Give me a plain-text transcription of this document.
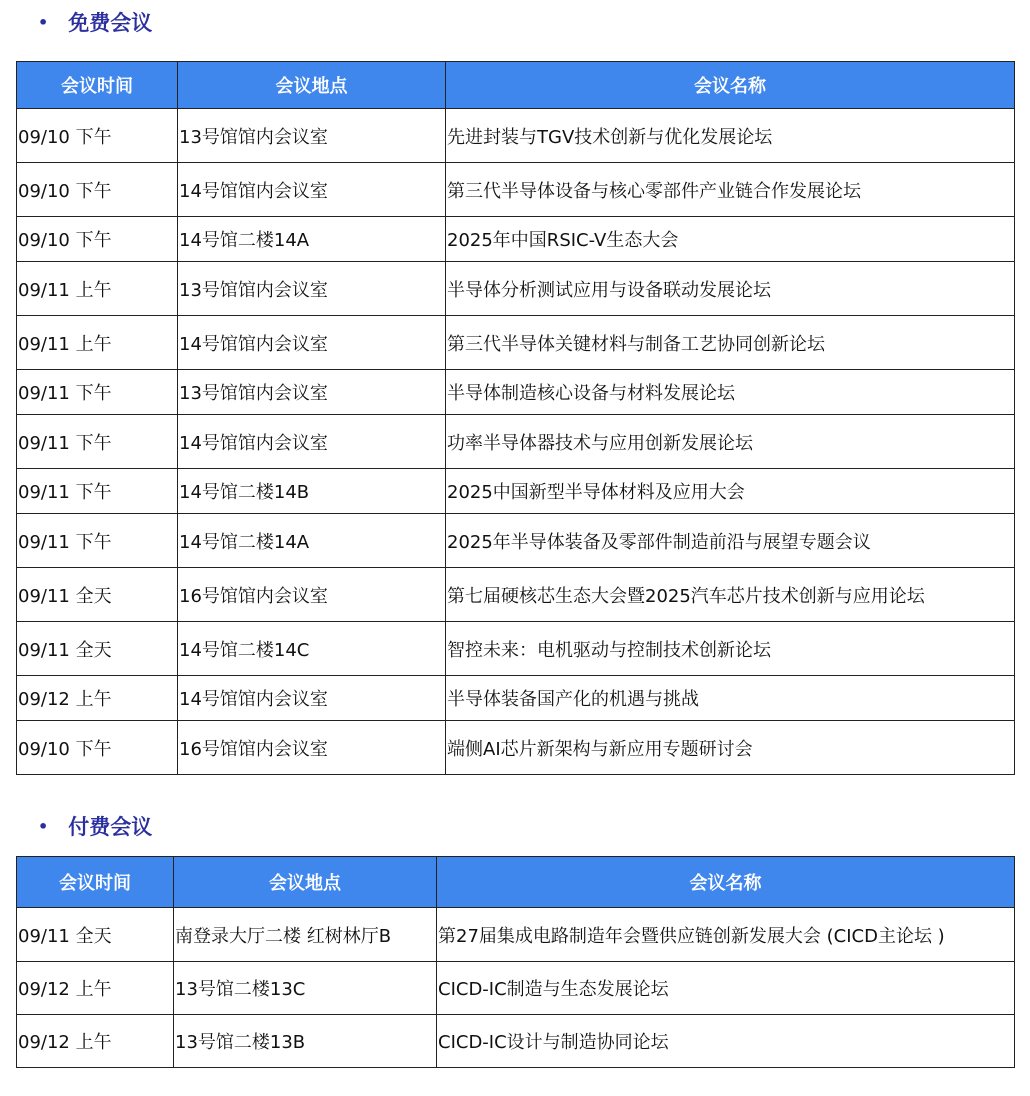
• 免费会议
会议时间	会议地点	会议名称
09/10 下午	13号馆馆内会议室	先进封装与TGV技术创新与优化发展论坛
09/10 下午	14号馆馆内会议室	第三代半导体设备与核心零部件产业链合作发展论坛
09/10 下午	14号馆二楼14A	2025年中国RSIC-V生态大会
09/11 上午	13号馆馆内会议室	半导体分析测试应用与设备联动发展论坛
09/11 上午	14号馆馆内会议室	第三代半导体关键材料与制备工艺协同创新论坛
09/11 下午	13号馆馆内会议室	半导体制造核心设备与材料发展论坛
09/11 下午	14号馆馆内会议室	功率半导体器技术与应用创新发展论坛
09/11 下午	14号馆二楼14B	2025中国新型半导体材料及应用大会
09/11 下午	14号馆二楼14A	2025年半导体装备及零部件制造前沿与展望专题会议
09/11 全天	16号馆馆内会议室	第七届硬核芯生态大会暨2025汽车芯片技术创新与应用论坛
09/11 全天	14号馆二楼14C	智控未来：电机驱动与控制技术创新论坛
09/12 上午	14号馆馆内会议室	半导体装备国产化的机遇与挑战
09/10 下午	16号馆馆内会议室	端侧AI芯片新架构与新应用专题研讨会
• 付费会议
会议时间	会议地点	会议名称
09/11 全天	南登录大厅二楼 红树林厅B	第27届集成电路制造年会暨供应链创新发展大会 (CICD主论坛 )
09/12 上午	13号馆二楼13C	CICD-IC制造与生态发展论坛
09/12 上午	13号馆二楼13B	CICD-IC设计与制造协同论坛
